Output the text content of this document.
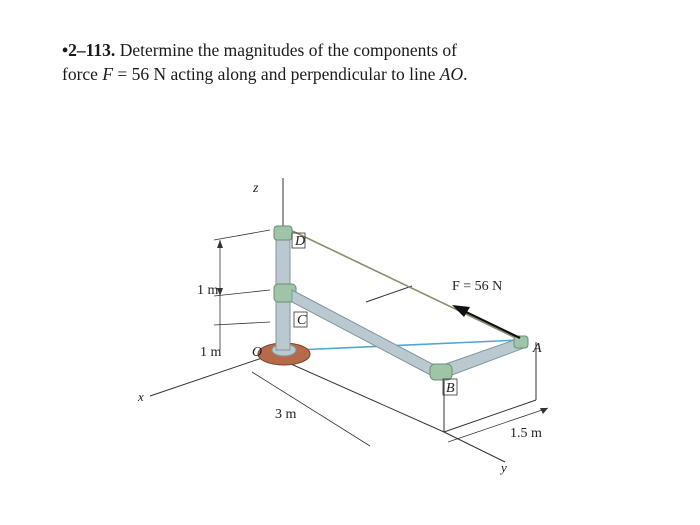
•2–113. Determine the magnitudes of the components of
force F = 56 N acting along and perpendicular to line AO.
z
x
y
D
C
O	A
B
F = 56 N
1 m
1 m
3 m
1.5 m
